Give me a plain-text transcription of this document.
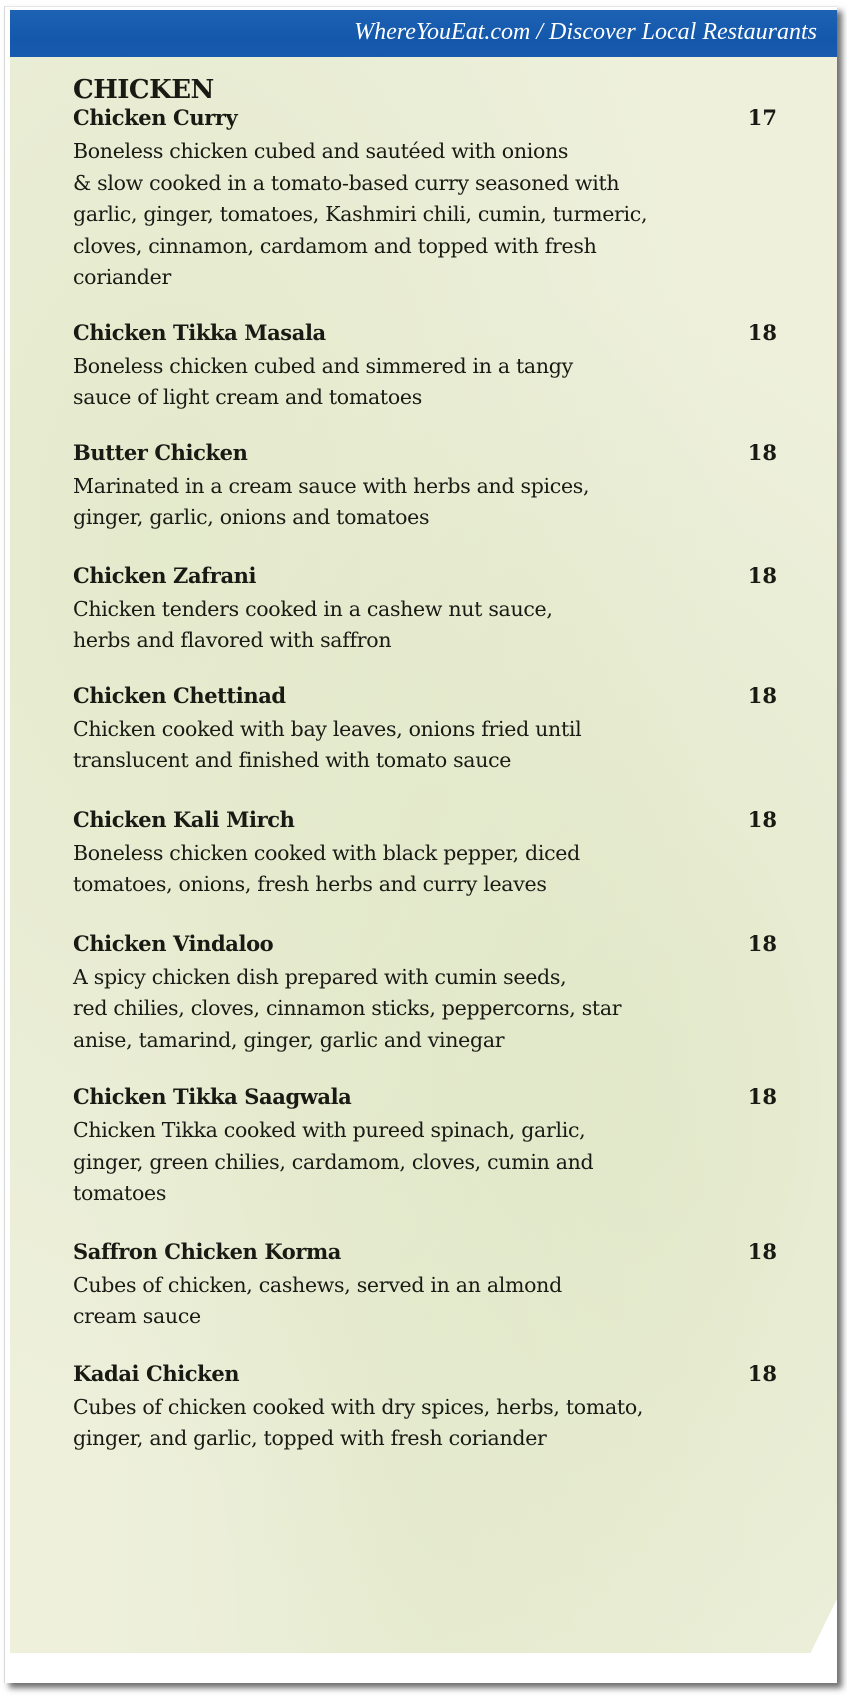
WhereYouEat.com / Discover Local Restaurants
CHICKEN
Chicken Curry	17

Boneless chicken cubed and sautéed with onions
& slow cooked in a tomato-based curry seasoned with
garlic, ginger, tomatoes, Kashmiri chili, cumin, turmeric,
cloves, cinnamon, cardamom and topped with fresh
coriander

Chicken Tikka Masala	18

Boneless chicken cubed and simmered in a tangy
sauce of light cream and tomatoes

Butter Chicken	18

Marinated in a cream sauce with herbs and spices,
ginger, garlic, onions and tomatoes

Chicken Zafrani	18

Chicken tenders cooked in a cashew nut sauce,
herbs and flavored with saffron

Chicken Chettinad	18

Chicken cooked with bay leaves, onions fried until
translucent and finished with tomato sauce

Chicken Kali Mirch	18

Boneless chicken cooked with black pepper, diced
tomatoes, onions, fresh herbs and curry leaves

Chicken Vindaloo	18

A spicy chicken dish prepared with cumin seeds,
red chilies, cloves, cinnamon sticks, peppercorns, star
anise, tamarind, ginger, garlic and vinegar

Chicken Tikka Saagwala	18

Chicken Tikka cooked with pureed spinach, garlic,
ginger, green chilies, cardamom, cloves, cumin and
tomatoes

Saffron Chicken Korma	18

Cubes of chicken, cashews, served in an almond
cream sauce

Kadai Chicken	18

Cubes of chicken cooked with dry spices, herbs, tomato,
ginger, and garlic, topped with fresh coriander
